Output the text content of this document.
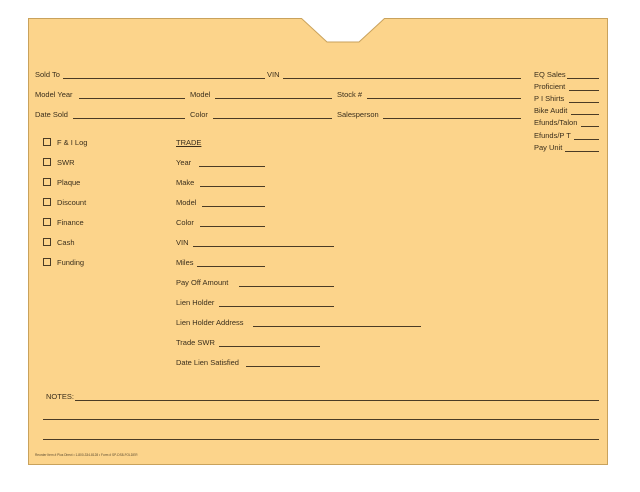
Sold To	VIN
Model Year	Model	Stock #
Date Sold	Color	Salesperson
EQ Sales
Proficient
P I Shirts
Bike Audit
Efunds/Talon
Efunds/P T
Pay Unit
F & I Log
SWR
Plaque
Discount
Finance
Cash
Funding
TRADE
Year
Make
Model
Color
VIN
Miles
Pay Off Amount
Lien Holder
Lien Holder Address
Trade SWR
Date Lien Satisfied
NOTES:
Reorder Item # Plus Direct • 1-800-334-8128 • Form # SP-DS8-FOLDER
